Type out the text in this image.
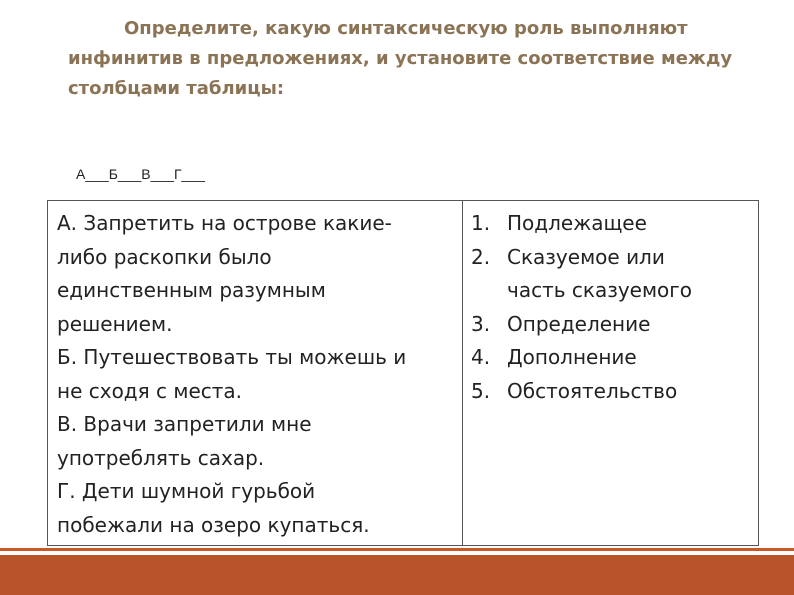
Определите, какую синтаксическую роль выполняют
инфинитив в предложениях, и установите соответствие между
столбцами таблицы:
А___Б___В___Г___
А. Запретить на острове какие-
либо раскопки было
единственным разумным
решением.
Б. Путешествовать ты можешь и
не сходя с места.
В. Врачи запретили мне
употреблять сахар.
Г. Дети шумной гурьбой
побежали на озеро купаться.

1. Подлежащее
2. Сказуемое или
часть сказуемого
3. Определение
4. Дополнение
5. Обстоятельство
